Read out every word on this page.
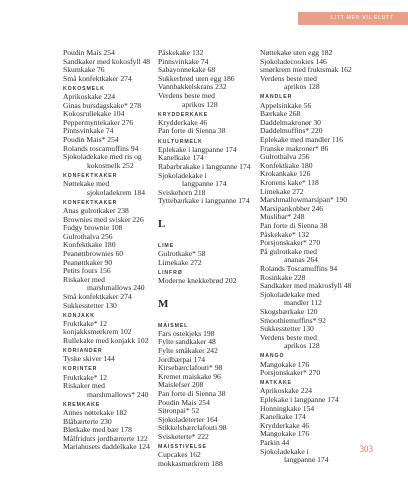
LITT MER VIL ELUTT
Poudin Mais 254
Sandkaker med kokosfyll 48
Skumkake 76
Små konfektkaker 274
KOKOSMELK
Aprikoskake 224
Ginas bursdagskake* 278
Kokosrullekake 104
Peppermyntekaker 276
Pinnsvinkake 74
Poudin Mais* 254
Rolands toscamuffins 94
Sjokoladekake med ris og
kokosmelk 252
KONFEKTKAKER
Nøttekake med
sjokoladekrem 184
KONFEKTKAKER
Anas gulrotkaker 238
Brownies med svisker 226
Fudgy brownie 108
Gulrothalva 256
Konfektkake 180
Peanøttbrownies 60
Peanøttkaker 90
Petits fours 156
Riskaker med
marshmallows 240
Små konfektkaker 274
Sukkesstetter 130
KONJAKK
Fruktkake* 12
konjakksmørkrem 102
Rullekake med konjakk 102
KORIANDER
Tyske skiver 144
KORINTER
Fruktkake* 12
Riskaker med
marshmallows* 240
KREMKAKE
Annes nøttekake 182
Blåbærterte 230
Bløtkake med bær 178
Målfridurs jordbærterte 122
Mariahusets daddelkake 124
Påskekake 132
Pinnsvinkake 74
Sabayonnekake 68
Sukkerbrød uten egg 186
Vannbakkelskrans 232
Verdens beste med
aprikos 128
KRYDDERKAKE
Krydderkake 46
Pan forte di Sienna 38
KULTURMELK
Eplekake i langpanne 174
Kanelkake 174
Rabarbrakake i langpanne 174
Sjokoladekake i
langpanne 174
Sviskehorn 218
Tyttebærkake i langpanne 174
L
LIME
Gulrotkake* 58
Limekake 272
LINFRØ
Moderne knekkebrød 202
M
MAISMEL
Fars ostekjeks 198
Fylte sandkaker 48
Fylte småkaker 242
Jordbærpai 174
Kirsebærclafouti* 98
Kremet maiskake 96
Maislefser 208
Pan forte di Sienna 38
Poudin Mais 254
Sitronpai* 52
Sjokoladeterter 164
Stikkelsbærclafouti 98
Svisketerte* 222
MAISSTIVELSE
Cupcakes 162
mokkasmørkrem 188
Nøttekake uten egg 182
Sjokoladecookies 146
smørkrem med fruktsmak 162
Verdens beste med
aprikos 128
MANDLER
Appelsinkake 56
Bærkake 268
Daddelmakronør 30
Daddelmuffins* 220
Eplekake med mandler 116
Franske makroner* 86
Gulrothalva 256
Konfektkake 180
Krokankake 126
Kronens kake* 118
Limekake 272
Marshmallowmarsipan* 190
Marsipankobber 246
Muslibar* 248
Pan forte di Sienna 38
Påskekake* 132
Porsjonskaker* 270
På gulrotkake med
ananas 264
Rolands Toscamuffins 94
Rosinkake 228
Sandkaker med makrosfyll 48
Sjokoladekake med
mandler 112
Skogsbærkake 120
Smoothiemuffins* 92
Sukkesstetter 130
Verdens beste med
aprikos 128
MANGO
Mangokake 176
Porsjonskaker* 270
MATKAKE
Aprikoskake 224
Eplekake i langpanne 174
Honningkake 154
Kanelkake 174
Krydderkake 46
Mangokake 176
Parkin 44
Sjokoladekake i
langpanne 174
303
